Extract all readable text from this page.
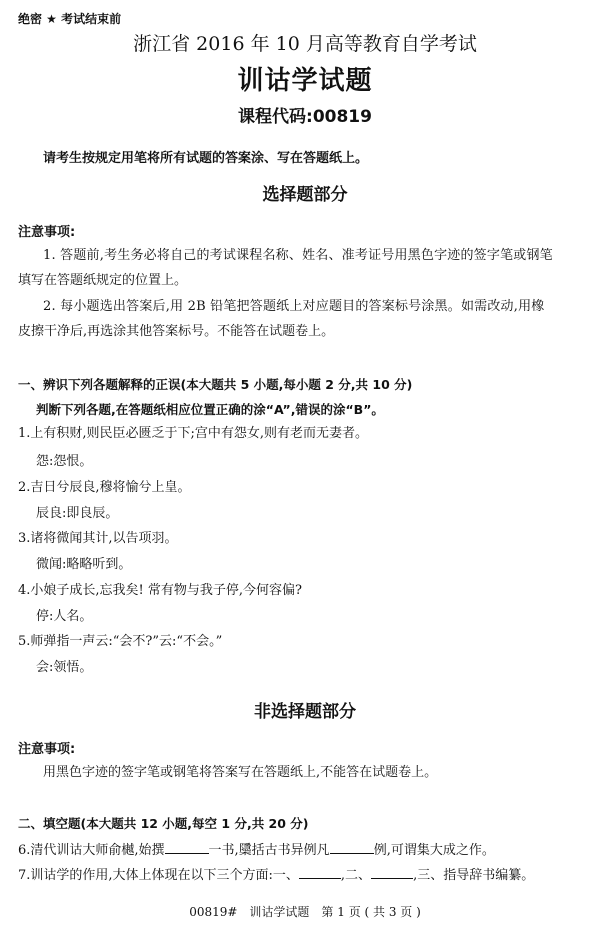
绝密 ★ 考试结束前
浙江省 2016 年 10 月高等教育自学考试
训诂学试题
课程代码:00819
请考生按规定用笔将所有试题的答案涂、写在答题纸上。
选择题部分
注意事项:
1. 答题前,考生务必将自己的考试课程名称、姓名、准考证号用黑色字迹的签字笔或钢笔
填写在答题纸规定的位置上。
2. 每小题选出答案后,用 2B 铅笔把答题纸上对应题目的答案标号涂黑。如需改动,用橡
皮擦干净后,再选涂其他答案标号。不能答在试题卷上。
一、辨识下列各题解释的正误(本大题共 5 小题,每小题 2 分,共 10 分)
判断下列各题,在答题纸相应位置正确的涂“A”,错误的涂“B”。
1.上有积财,则民臣必匮乏于下;宫中有怨女,则有老而无妻者。
怨:怨恨。
2.吉日兮辰良,穆将愉兮上皇。
辰良:即良辰。
3.诸将微闻其计,以告项羽。
微闻:略略听到。
4.小娘子成长,忘我矣! 常有物与我子停,今何容偏?
停:人名。
5.师弹指一声云:“会不?”云:“不会。”
会:领悟。
非选择题部分
注意事项:
用黑色字迹的签字笔或钢笔将答案写在答题纸上,不能答在试题卷上。
二、填空题(本大题共 12 小题,每空 1 分,共 20 分)
6.清代训诂大师俞樾,始撰	一书,櫽括古书异例凡	例,可谓集大成之作。
7.训诂学的作用,大体上体现在以下三个方面:一、	,二、	,三、指导辞书编纂。
00819#　训诂学试题　第 1 页 ( 共 3 页 )
